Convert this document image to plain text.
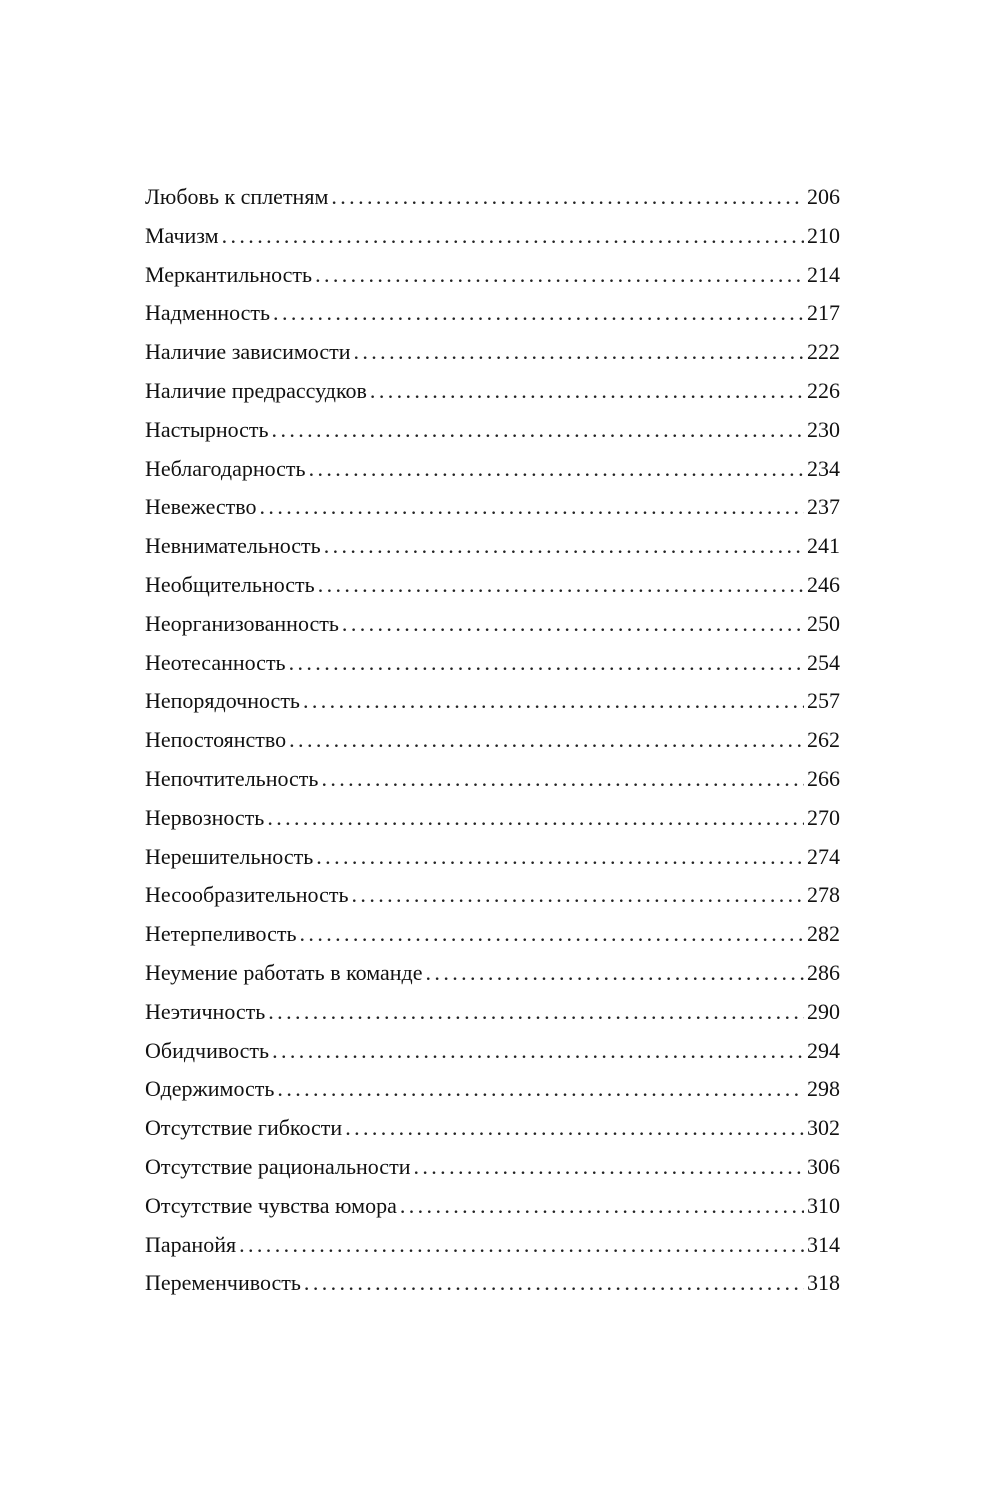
Любовь к сплетням .....	206
Мачизм .....	210
Меркантильность .....	214
Надменность .....	217
Наличие зависимости .....	222
Наличие предрассудков .....	226
Настырность .....	230
Неблагодарность .....	234
Невежество .....	237
Невнимательность .....	241
Необщительность .....	246
Неорганизованность .....	250
Неотесанность .....	254
Непорядочность .....	257
Непостоянство .....	262
Непочтительность .....	266
Нервозность .....	270
Нерешительность .....	274
Несообразительность .....	278
Нетерпеливость .....	282
Неумение работать в команде .....	286
Неэтичность .....	290
Обидчивость .....	294
Одержимость .....	298
Отсутствие гибкости .....	302
Отсутствие рациональности .....	306
Отсутствие чувства юмора .....	310
Паранойя .....	314
Переменчивость .....	318
